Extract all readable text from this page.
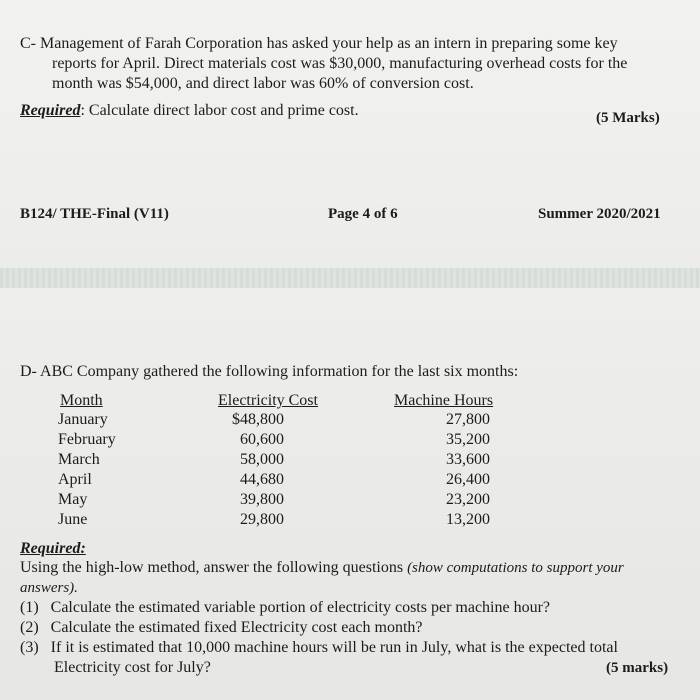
C- Management of Farah Corporation has asked your help as an intern in preparing some key
reports for April. Direct materials cost was $30,000, manufacturing overhead costs for the
month was $54,000, and direct labor was 60% of conversion cost.
Required: Calculate direct labor cost and prime cost.	(5 Marks)
B124/ THE-Final (V11)	Page 4 of 6	Summer 2020/2021
D- ABC Company gathered the following information for the last six months:
Month	Electricity Cost	Machine Hours
January	$48,800	27,800
February	60,600	35,200
March	58,000	33,600
April	44,680	26,400
May	39,800	23,200
June	29,800	13,200
Required:
Using the high-low method, answer the following questions (show computations to support your
answers).
(1) Calculate the estimated variable portion of electricity costs per machine hour?
(2) Calculate the estimated fixed Electricity cost each month?
(3) If it is estimated that 10,000 machine hours will be run in July, what is the expected total
Electricity cost for July?	(5 marks)
